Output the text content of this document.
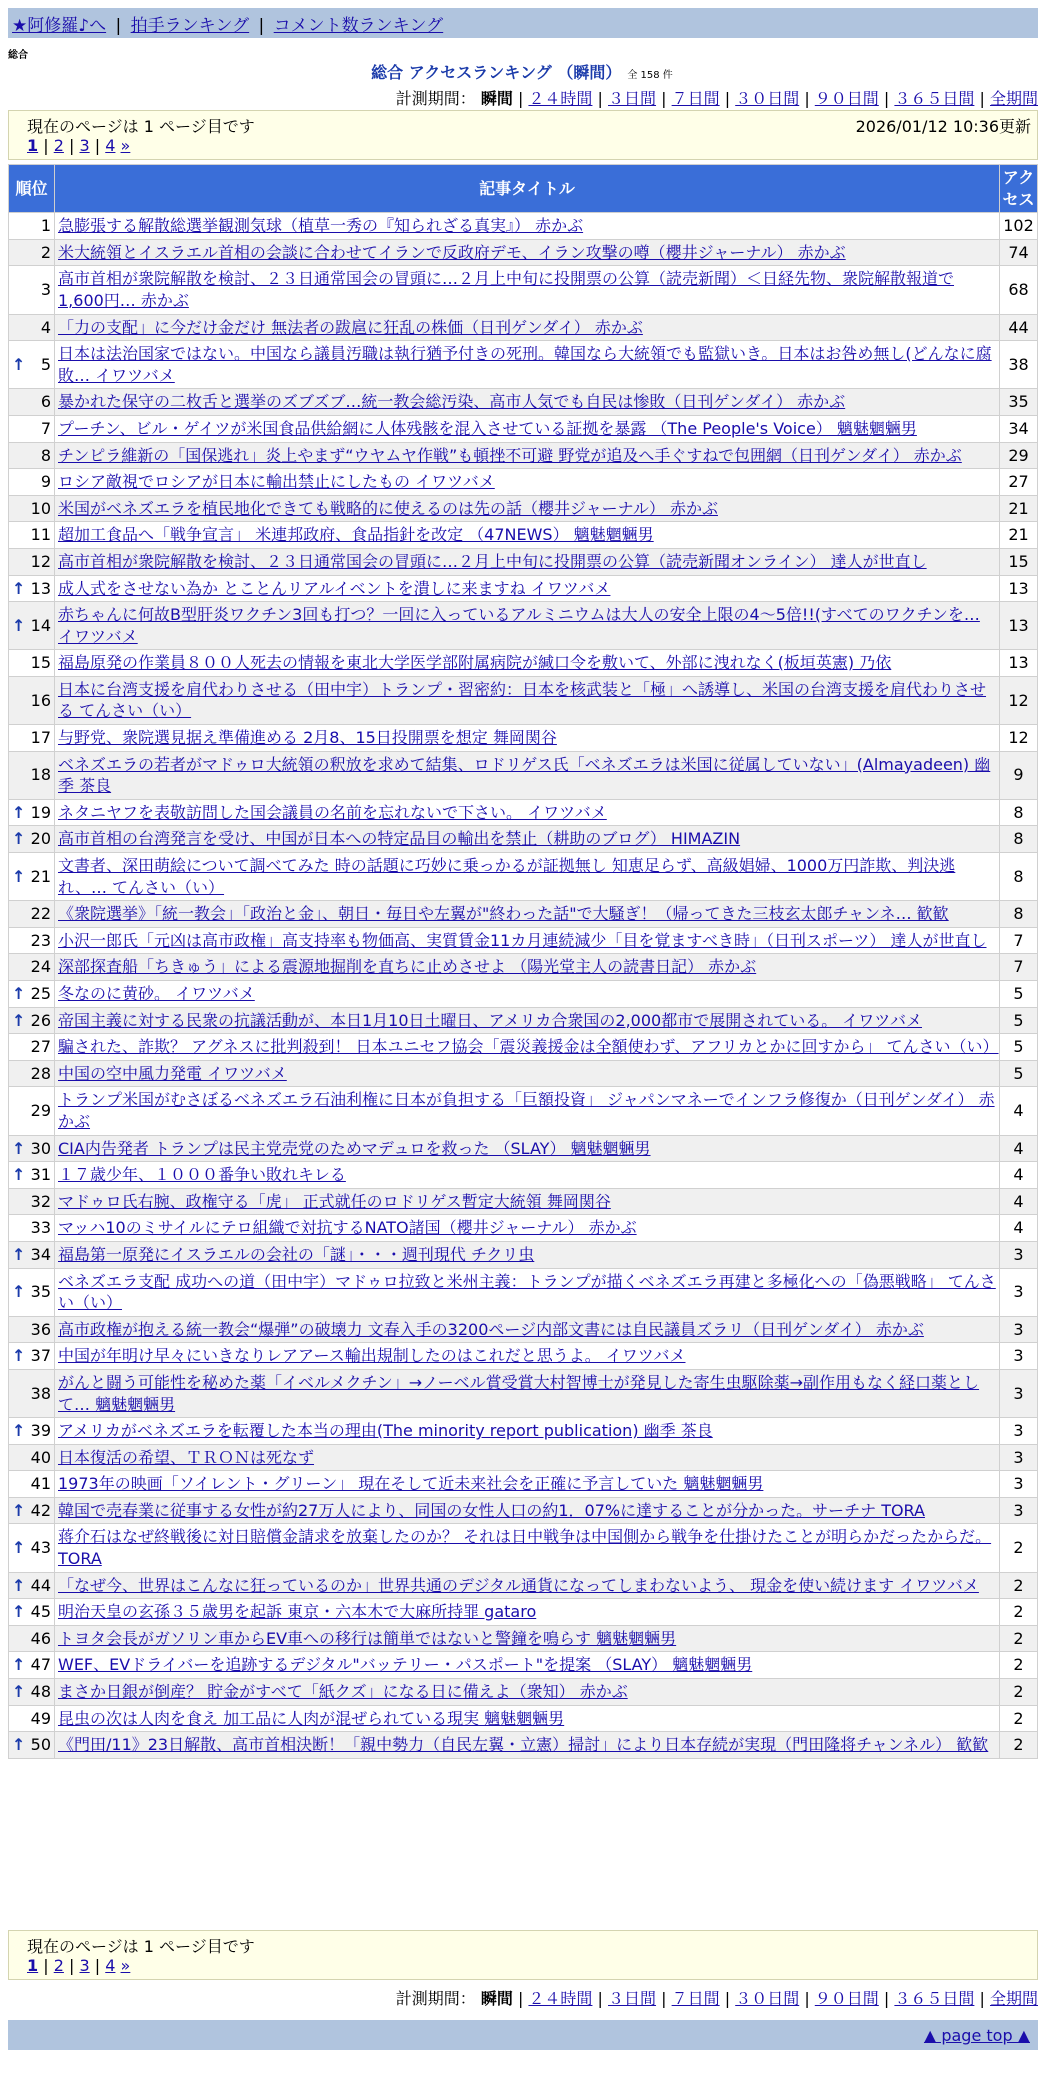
★阿修羅♪へ | 拍手ランキング | コメント数ランキング
総合
総合 アクセスランキング （瞬間） 全 158 件
計測期間： 瞬間 | ２４時間 | ３日間 | ７日間 | ３０日間 | ９０日間 | ３６５日間 | 全期間
現在のページは 1 ページ目です	2026/01/12 10:36更新
1 | 2 | 3 | 4 »
順位	記事タイトル	アクセス
1	急膨張する解散総選挙観測気球（植草一秀の『知られざる真実』） 赤かぶ	102
2	米大統領とイスラエル首相の会談に合わせてイランで反政府デモ、イラン攻撃の噂（櫻井ジャーナル） 赤かぶ	74
3	高市首相が衆院解散を検討、２３日通常国会の冒頭に…２月上中旬に投開票の公算（読売新聞）＜日経先物、衆院解散報道で1,600円… 赤かぶ	68
4	「力の支配」に今だけ金だけ 無法者の跋扈に狂乱の株価（日刊ゲンダイ） 赤かぶ	44

↑ 5	日本は法治国家ではない。中国なら議員汚職は執行猶予付きの死刑。韓国なら大統領でも監獄いき。日本はお咎め無し(どんなに腐敗… イワツバメ	38
6	暴かれた保守の二枚舌と選挙のズブズブ…統一教会総汚染、高市人気でも自民は惨敗（日刊ゲンダイ） 赤かぶ	35
7	プーチン、ビル・ゲイツが米国食品供給網に人体残骸を混入させている証拠を暴露 （The People's Voice） 魑魅魍魎男	34
8	チンピラ維新の「国保逃れ」炎上やまず“ウヤムヤ作戦”も頓挫不可避 野党が追及へ手ぐすねで包囲網（日刊ゲンダイ） 赤かぶ	29
9	ロシア敵視でロシアが日本に輸出禁止にしたもの イワツバメ	27
10	米国がベネズエラを植民地化できても戦略的に使えるのは先の話（櫻井ジャーナル） 赤かぶ	21
11	超加工食品へ「戦争宣言」 米連邦政府、食品指針を改定 （47NEWS） 魑魅魍魎男	21
12	高市首相が衆院解散を検討、２３日通常国会の冒頭に…２月上中旬に投開票の公算（読売新聞オンライン） 達人が世直し	15

↑ 13	成人式をさせない為か とことんリアルイベントを潰しに来ますね イワツバメ	13

↑ 14	赤ちゃんに何故B型肝炎ワクチン3回も打つ？一回に入っているアルミニウムは大人の安全上限の4～5倍!!(すべてのワクチンを… イワツバメ	13
15	福島原発の作業員８００人死去の情報を東北大学医学部附属病院が緘口令を敷いて、外部に洩れなく(板垣英憲) 乃依	13
16	日本に台湾支援を肩代わりさせる（田中宇）トランプ・習密約：日本を核武装と「極」へ誘導し、米国の台湾支援を肩代わりさせる てんさい（い）	12
17	与野党、衆院選見据え準備進める 2月8、15日投開票を想定 舞岡関谷	12
18	ベネズエラの若者がマドゥロ大統領の釈放を求めて結集、ロドリゲス氏「ベネズエラは米国に従属していない」(Almayadeen) 幽季 茶良	9

↑ 19	ネタニヤフを表敬訪問した国会議員の名前を忘れないで下さい。 イワツバメ	8

↑ 20	高市首相の台湾発言を受け、中国が日本への特定品目の輸出を禁止（耕助のブログ） HIMAZIN	8

↑ 21	文書者、深田萌絵について調べてみた 時の話題に巧妙に乗っかるが証拠無し 知恵足らず、高級娼婦、1000万円詐欺、判決逃れ、… てんさい（い）	8
22	《衆院選挙》「統一教会」「政治と金」、朝日・毎日や左翼が"終わった話"で大騒ぎ！（帰ってきた三枝玄太郎チャンネ… 歓歓	8
23	小沢一郎氏「元凶は高市政権」高支持率も物価高、実質賃金11カ月連続減少「目を覚ますべき時」（日刊スポーツ） 達人が世直し	7
24	深部探査船「ちきゅう」による震源地掘削を直ちに止めさせよ （陽光堂主人の読書日記） 赤かぶ	7

↑ 25	冬なのに黄砂。 イワツバメ	5

↑ 26	帝国主義に対する民衆の抗議活動が、本日1月10日土曜日、アメリカ合衆国の2,000都市で展開されている。 イワツバメ	5
27	騙された、詐欺？ アグネスに批判殺到！ 日本ユニセフ協会「震災義援金は全額使わず、アフリカとかに回すから」 てんさい（い）	5
28	中国の空中風力発電 イワツバメ	5
29	トランプ米国がむさぼるベネズエラ石油利権に日本が負担する「巨額投資」 ジャパンマネーでインフラ修復か（日刊ゲンダイ） 赤かぶ	4

↑ 30	CIA内告発者 トランプは民主党売党のためマデュロを救った （SLAY） 魑魅魍魎男	4

↑ 31	１７歳少年、１０００番争い敗れキレる	4
32	マドゥロ氏右腕、政権守る「虎」 正式就任のロドリゲス暫定大統領 舞岡関谷	4
33	マッハ10のミサイルにテロ組織で対抗するNATO諸国（櫻井ジャーナル） 赤かぶ	4

↑ 34	福島第一原発にイスラエルの会社の「謎」・・・週刊現代 チクリ虫	3

↑ 35	ベネズエラ支配 成功への道（田中宇）マドゥロ拉致と米州主義：トランプが描くベネズエラ再建と多極化への「偽悪戦略」 てんさい（い）	3
36	高市政権が抱える統一教会“爆弾”の破壊力 文春入手の3200ページ内部文書には自民議員ズラリ（日刊ゲンダイ） 赤かぶ	3

↑ 37	中国が年明け早々にいきなりレアアース輸出規制したのはこれだと思うよ。 イワツバメ	3
38	がんと闘う可能性を秘めた薬「イベルメクチン」→ノーベル賞受賞大村智博士が発見した寄生虫駆除薬→副作用もなく経口薬として… 魑魅魍魎男	3

↑ 39	アメリカがベネズエラを転覆した本当の理由(The minority report publication) 幽季 茶良	3
40	日本復活の希望、ＴＲＯＮは死なず	3
41	1973年の映画「ソイレント・グリーン」 現在そして近未来社会を正確に予言していた 魑魅魍魎男	3

↑ 42	韓国で売春業に従事する女性が約27万人により、同国の女性人口の約1．07%に達することが分かった。サーチナ TORA	3

↑ 43	蒋介石はなぜ終戦後に対日賠償金請求を放棄したのか？ それは日中戦争は中国側から戦争を仕掛けたことが明らかだったからだ。 TORA	2

↑ 44	「なぜ今、世界はこんなに狂っているのか」世界共通のデジタル通貨になってしまわないよう、 現金を使い続けます イワツバメ	2

↑ 45	明治天皇の玄孫３５歳男を起訴 東京・六本木で大麻所持罪 gataro	2
46	トヨタ会長がガソリン車からEV車への移行は簡単ではないと警鐘を鳴らす 魑魅魍魎男	2

↑ 47	WEF、EVドライバーを追跡するデジタル"バッテリー・パスポート"を提案 （SLAY） 魑魅魍魎男	2

↑ 48	まさか日銀が倒産？ 貯金がすべて「紙クズ」になる日に備えよ（衆知） 赤かぶ	2
49	昆虫の次は人肉を食え 加工品に人肉が混ぜられている現実 魑魅魍魎男	2

↑ 50	《門田/11》23日解散、高市首相決断！「親中勢力（自民左翼・立憲）掃討」により日本存続が実現（門田隆将チャンネル） 歓歓	2
現在のページは 1 ページ目です
1 | 2 | 3 | 4 »
計測期間： 瞬間 | ２４時間 | ３日間 | ７日間 | ３０日間 | ９０日間 | ３６５日間 | 全期間
▲ page top ▲
